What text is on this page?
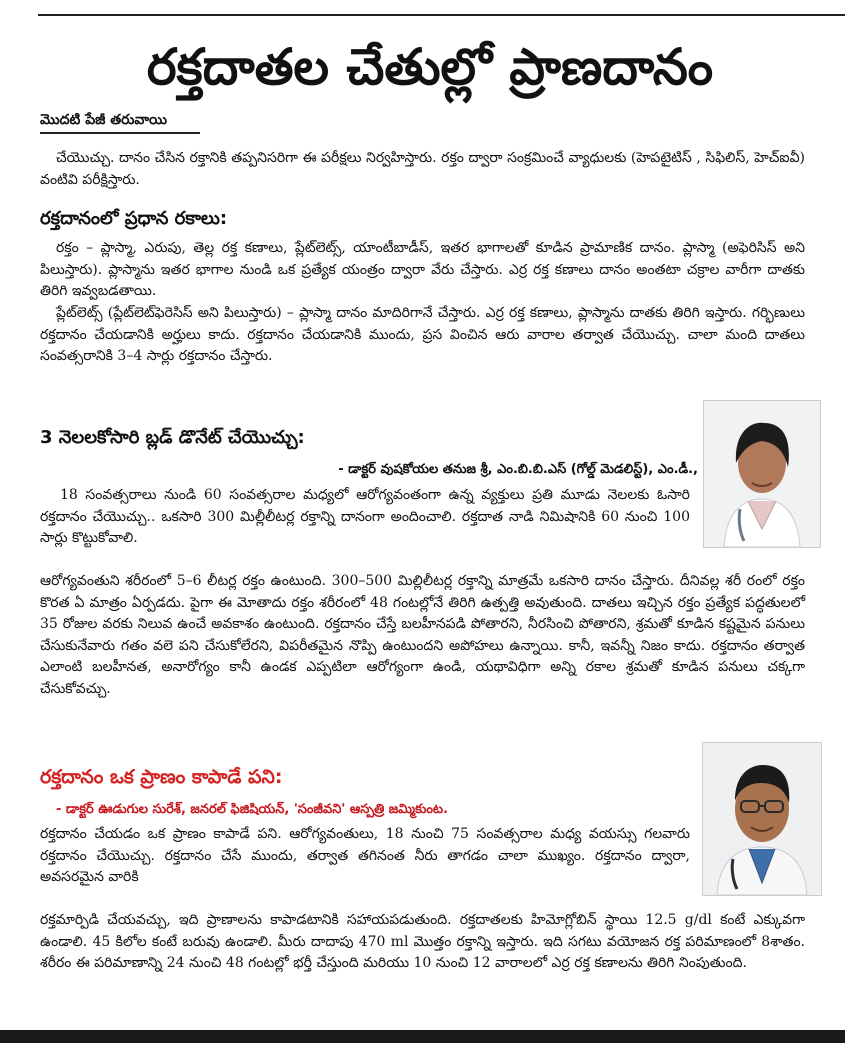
రక్తదాతల చేతుల్లో ప్రాణదానం
మొదటి పేజీ తరువాయి
చేయొచ్చు. దానం చేసిన రక్తానికి తప్పనిసరిగా ఈ పరీక్షలు నిర్వహిస్తారు. రక్తం ద్వారా సంక్రమించే వ్యాధులకు (హెపటైటిస్ , సిఫిలిస్, హెచ్ఐవీ) వంటివి పరీక్షిస్తారు.
రక్తదానంలో ప్రధాన రకాలు:
రక్తం – ప్లాస్మా, ఎరుపు, తెల్ల రక్త కణాలు, ప్లేట్‌లెట్స్, యాంటీబాడీస్, ఇతర భాగాలతో కూడిన ప్రామాణిక దానం. ప్లాస్మా (అఫెరిసిస్ అని పిలుస్తారు). ప్లాస్మాను ఇతర భాగాల నుండి ఒక ప్రత్యేక యంత్రం ద్వారా వేరు చేస్తారు. ఎర్ర రక్త కణాలు దానం అంతటా చక్రాల వారీగా దాతకు తిరిగి ఇవ్వబడతాయి.
ప్లేట్‌లెట్స్ (ప్లేట్‌లెట్‌ఫెరెసిస్ అని పిలుస్తారు) – ప్లాస్మా దానం మాదిరిగానే చేస్తారు. ఎర్ర రక్త కణాలు, ప్లాస్మాను దాతకు తిరిగి ఇస్తారు. గర్భిణులు రక్తదానం చేయడానికి అర్హులు కాదు. రక్తదానం చేయడానికి ముందు, ప్రస వించిన ఆరు వారాల తర్వాత చేయొచ్చు. చాలా మంది దాతలు సంవత్సరానికి 3–4 సార్లు రక్తదానం చేస్తారు.
3 నెలలకోసారి బ్లడ్ డొనేట్ చేయొచ్చు:
- డాక్టర్ వుషకోయల తనుజ శ్రీ, ఎం.బి.బి.ఎస్ (గోల్డ్ మెడలిస్ట్), ఎం.డీ.,
18 సంవత్సరాలు నుండి 60 సంవత్సరాల మధ్యలో ఆరోగ్యవంతంగా ఉన్న వ్యక్తులు ప్రతి మూడు నెలలకు ఓసారి రక్తదానం చేయొచ్చు.. ఒకసారి 300 మిల్లీలీటర్ల రక్తాన్ని దానంగా అందించాలి. రక్తదాత నాడి నిమిషానికి 60 నుంచి 100 సార్లు కొట్టుకోవాలి.
ఆరోగ్యవంతుని శరీరంలో 5–6 లీటర్ల రక్తం ఉంటుంది. 300–500 మిల్లిలీటర్ల రక్తాన్ని మాత్రమే ఒకసారి దానం చేస్తారు. దీనివల్ల శరీ రంలో రక్తం కొరత ఏ మాత్రం ఏర్పడదు. పైగా ఈ మోతాదు రక్తం శరీరంలో 48 గంటల్లోనే తిరిగి ఉత్పత్తి అవుతుంది. దాతలు ఇచ్చిన రక్తం ప్రత్యేక పద్ధతులలో 35 రోజుల వరకు నిలువ ఉంచే అవకాశం ఉంటుంది. రక్తదానం చేస్తే బలహీనపడి పోతారని, నీరసించి పోతారని, శ్రమతో కూడిన కష్టమైన పనులు చేసుకునేవారు గతం వలె పని చేసుకోలేరని, విపరీతమైన నొప్పి ఉంటుందని అపోహలు ఉన్నాయి. కానీ, ఇవన్నీ నిజం కాదు. రక్తదానం తర్వాత ఎలాంటి బలహీనత, అనారోగ్యం కానీ ఉండక ఎప్పటిలా ఆరోగ్యంగా ఉండి, యథావిధిగా అన్ని రకాల శ్రమతో కూడిన పనులు చక్కగా చేసుకోవచ్చు.
రక్తదానం ఒక ప్రాణం కాపాడే పని:
- డాక్టర్ ఊడుగుల సురేశ్, జనరల్ ఫిజిషియన్, 'సంజీవని' ఆస్పత్రి జమ్మికుంట.
రక్తదానం చేయడం ఒక ప్రాణం కాపాడే పని. ఆరోగ్యవంతులు, 18 నుంచి 75 సంవత్సరాల మధ్య వయస్సు గలవారు రక్తదానం చేయొచ్చు. రక్తదానం చేసే ముందు, తర్వాత తగినంత నీరు తాగడం చాలా ముఖ్యం. రక్తదానం ద్వారా, అవసరమైన వారికి
రక్తమార్పిడి చేయవచ్చు, ఇది ప్రాణాలను కాపాడటానికి సహాయపడుతుంది. రక్తదాతలకు హిమోగ్లోబిన్ స్థాయి 12.5 g/dl కంటే ఎక్కువగా ఉండాలి. 45 కిలోల కంటే బరువు ఉండాలి. మీరు దాదాపు 470 ml మొత్తం రక్తాన్ని ఇస్తారు. ఇది సగటు వయోజన రక్త పరిమాణంలో 8శాతం. శరీరం ఈ పరిమాణాన్ని 24 నుంచి 48 గంటల్లో భర్తీ చేస్తుంది మరియు 10 నుంచి 12 వారాలలో ఎర్ర రక్త కణాలను తిరిగి నింపుతుంది.
